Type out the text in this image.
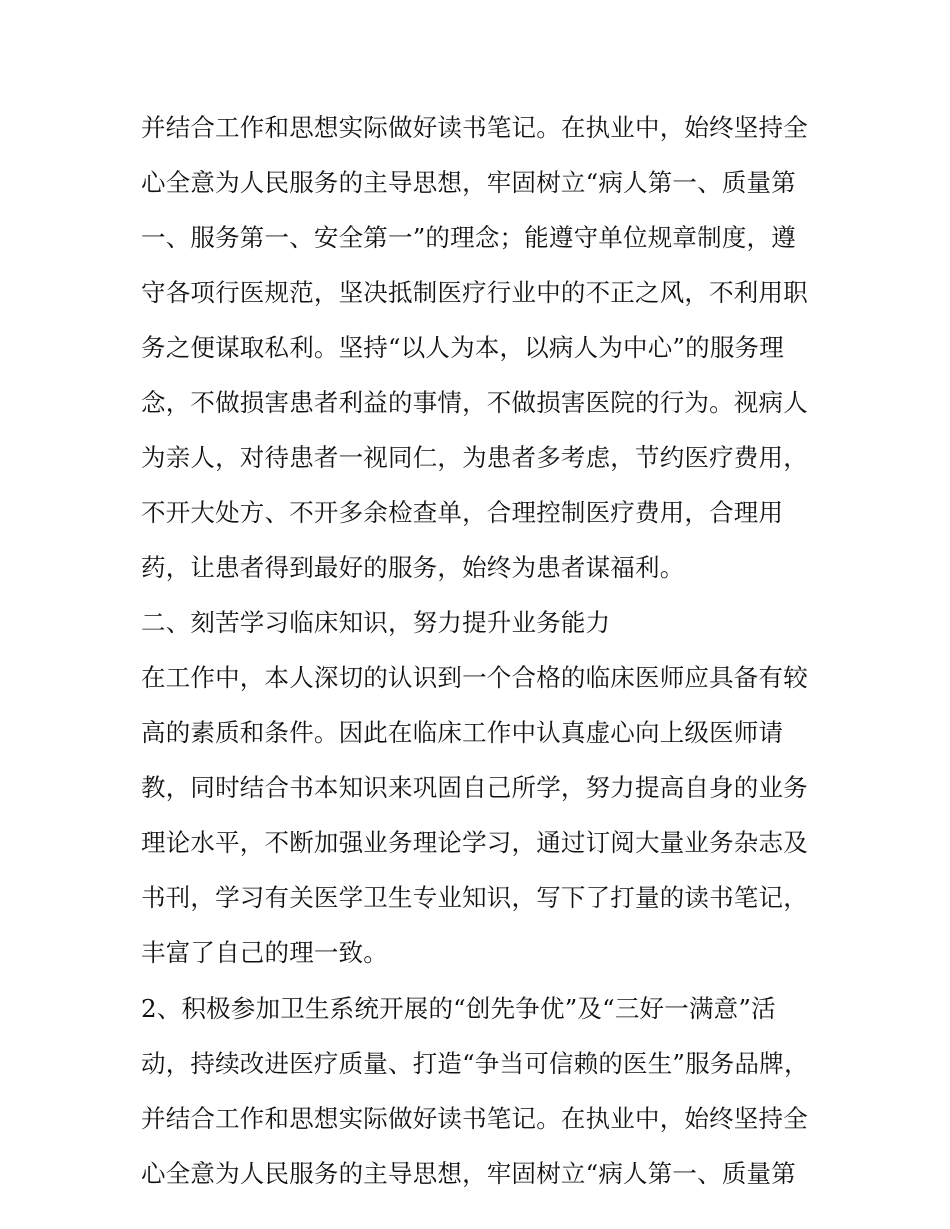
并结合工作和思想实际做好读书笔记。在执业中，始终坚持全
心全意为人民服务的主导思想，牢固树立“病人第一、质量第
一、服务第一、安全第一”的理念；能遵守单位规章制度，遵
守各项行医规范，坚决抵制医疗行业中的不正之风，不利用职
务之便谋取私利。坚持“以人为本，以病人为中心”的服务理
念，不做损害患者利益的事情，不做损害医院的行为。视病人
为亲人，对待患者一视同仁，为患者多考虑，节约医疗费用，
不开大处方、不开多余检查单，合理控制医疗费用，合理用
药，让患者得到最好的服务，始终为患者谋福利。
二、刻苦学习临床知识，努力提升业务能力
在工作中，本人深切的认识到一个合格的临床医师应具备有较
高的素质和条件。因此在临床工作中认真虚心向上级医师请
教，同时结合书本知识来巩固自己所学，努力提高自身的业务
理论水平，不断加强业务理论学习，通过订阅大量业务杂志及
书刊，学习有关医学卫生专业知识，写下了打量的读书笔记，
丰富了自己的理一致。
2、积极参加卫生系统开展的“创先争优”及“三好一满意”活
动，持续改进医疗质量、打造“争当可信赖的医生”服务品牌，
并结合工作和思想实际做好读书笔记。在执业中，始终坚持全
心全意为人民服务的主导思想，牢固树立“病人第一、质量第
